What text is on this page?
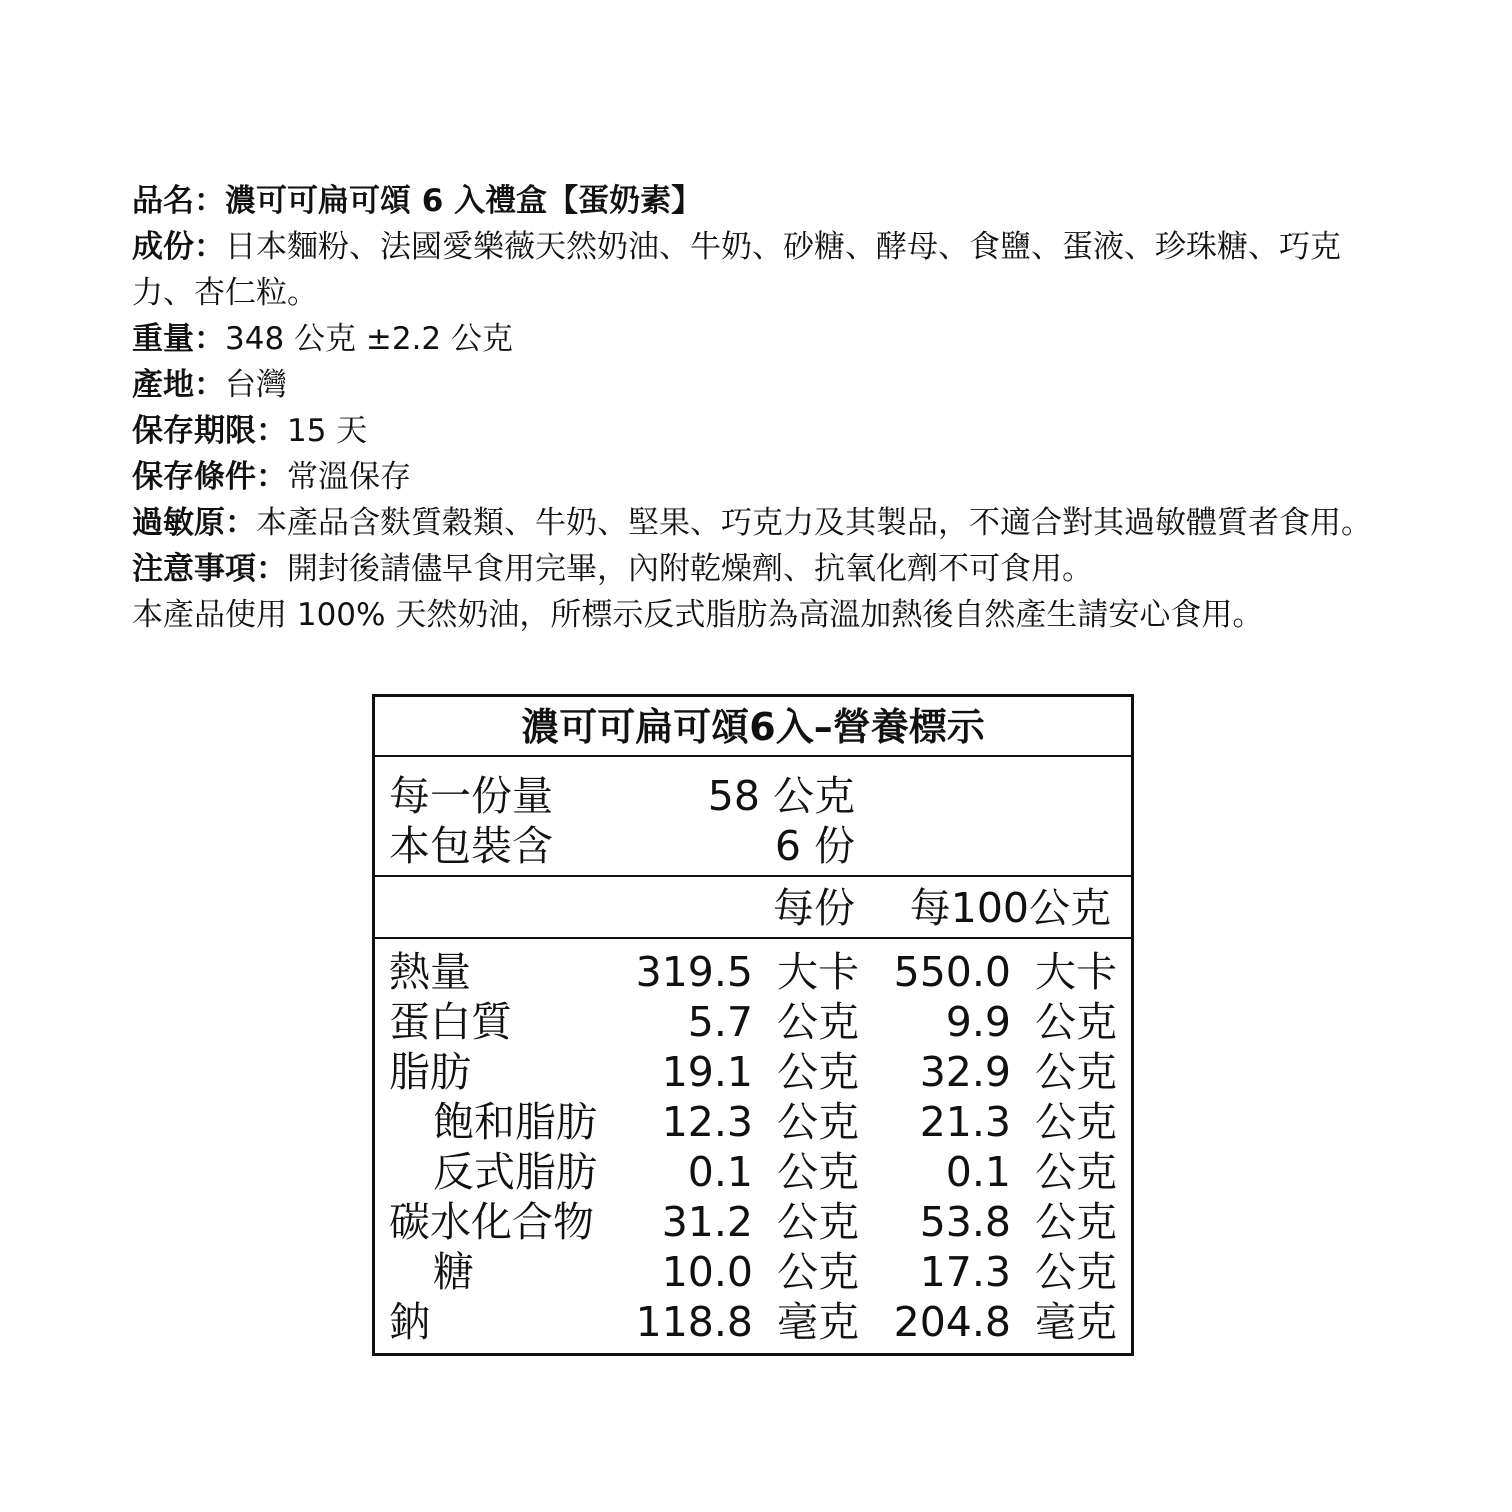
品名：濃可可扁可頌 6 入禮盒【蛋奶素】
成份：日本麵粉、法國愛樂薇天然奶油、牛奶、砂糖、酵母、食鹽、蛋液、珍珠糖、巧克力、杏仁粒。
重量：348 公克 ±2.2 公克
產地：台灣
保存期限：15 天
保存條件：常溫保存
過敏原：本產品含麩質穀類、牛奶、堅果、巧克力及其製品，不適合對其過敏體質者食用。
注意事項：開封後請儘早食用完畢，內附乾燥劑、抗氧化劑不可食用。
本產品使用 100% 天然奶油，所標示反式脂肪為高溫加熱後自然產生請安心食用。
濃可可扁可頌6入–營養標示
每一份量	58 公克
本包裝含	6 份
每份 每100公克
熱量	319.5 大卡 550.0 大卡
蛋白質	5.7 公克 9.9 公克
脂肪	19.1 公克 32.9 公克
飽和脂肪 12.3 公克 21.3 公克
反式脂肪 0.1 公克 0.1 公克
碳水化合物 31.2 公克 53.8 公克
糖	10.0 公克 17.3 公克
鈉	118.8 毫克 204.8 毫克
